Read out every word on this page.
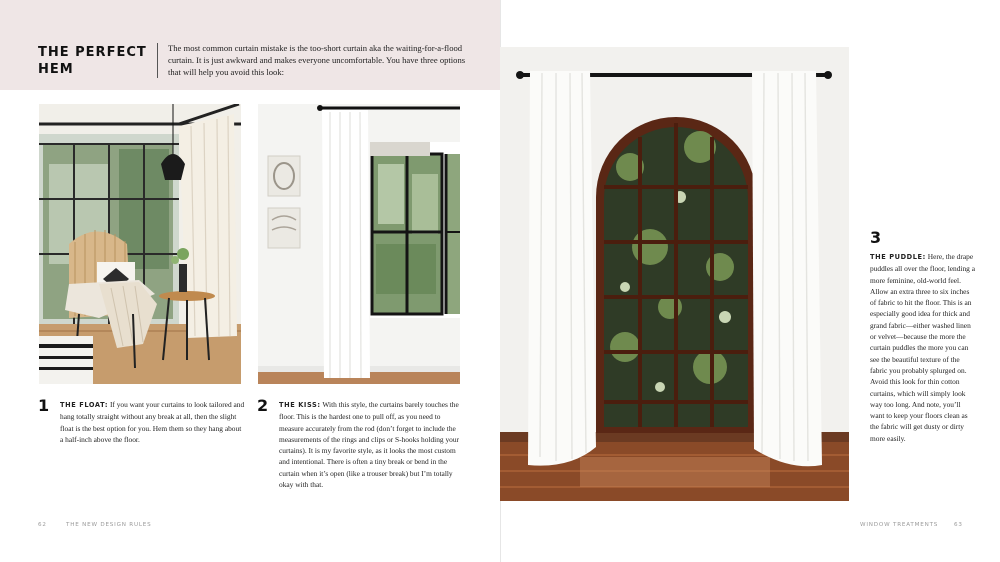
THE PERFECT HEM
The most common curtain mistake is the too-short curtain aka the waiting-for-a-flood curtain. It is just awkward and makes everyone uncomfortable. You have three options that will help you avoid this look:
1 THE FLOAT: If you want your curtains to look tailored and hang totally straight without any break at all, then the slight float is the best option for you. Hem them so they hang about a half-inch above the floor.
2 THE KISS: With this style, the curtains barely touches the floor. This is the hardest one to pull off, as you need to measure accurately from the rod (don’t forget to include the measurements of the rings and clips or S-hooks holding your curtains). It is my favorite style, as it looks the most custom and intentional. There is often a tiny break or bend in the curtain when it’s open (like a trouser break) but I’m totally okay with that.
3
THE PUDDLE: Here, the drape puddles all over the floor, lending a more feminine, old-world feel. Allow an extra three to six inches of fabric to hit the floor. This is an especially good idea for thick and grand fabric—either washed linen or velvet—because the more the curtain puddles the more you can see the beautiful texture of the fabric you probably splurged on. Avoid this look for thin cotton curtains, which will simply look way too long. And note, you’ll want to keep your floors clean as the fabric will get dusty or dirty more easily.
62	THE NEW DESIGN RULES	WINDOW TREATMENTS	63
